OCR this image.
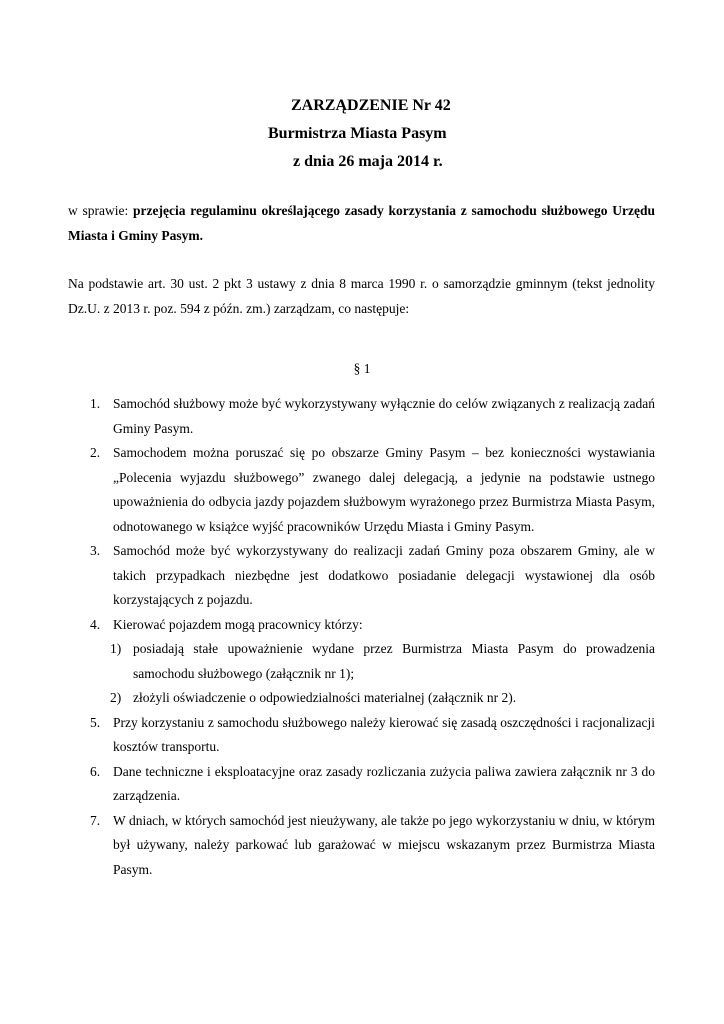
ZARZĄDZENIE Nr 42
Burmistrza Miasta Pasym
z dnia 26 maja 2014 r.
w sprawie: przejęcia regulaminu określającego zasady korzystania z samochodu służbowego Urzędu Miasta i Gminy Pasym.
Na podstawie art. 30 ust. 2 pkt 3 ustawy z dnia 8 marca 1990 r. o samorządzie gminnym (tekst jednolity Dz.U. z 2013 r. poz. 594 z późn. zm.) zarządzam, co następuje:
§ 1
1. Samochód służbowy może być wykorzystywany wyłącznie do celów związanych z realizacją zadań Gminy Pasym.
2. Samochodem można poruszać się po obszarze Gminy Pasym – bez konieczności wystawiania „Polecenia wyjazdu służbowego” zwanego dalej delegacją, a jedynie na podstawie ustnego upoważnienia do odbycia jazdy pojazdem służbowym wyrażonego przez Burmistrza Miasta Pasym, odnotowanego w książce wyjść pracowników Urzędu Miasta i Gminy Pasym.
3. Samochód może być wykorzystywany do realizacji zadań Gminy poza obszarem Gminy, ale w takich przypadkach niezbędne jest dodatkowo posiadanie delegacji wystawionej dla osób korzystających z pojazdu.
4. Kierować pojazdem mogą pracownicy którzy:
1) posiadają stałe upoważnienie wydane przez Burmistrza Miasta Pasym do prowadzenia samochodu służbowego (załącznik nr 1);
2) złożyli oświadczenie o odpowiedzialności materialnej (załącznik nr 2).
5. Przy korzystaniu z samochodu służbowego należy kierować się zasadą oszczędności i racjonalizacji kosztów transportu.
6. Dane techniczne i eksploatacyjne oraz zasady rozliczania zużycia paliwa zawiera załącznik nr 3 do zarządzenia.
7. W dniach, w których samochód jest nieużywany, ale także po jego wykorzystaniu w dniu, w którym był używany, należy parkować lub garażować w miejscu wskazanym przez Burmistrza Miasta Pasym.
